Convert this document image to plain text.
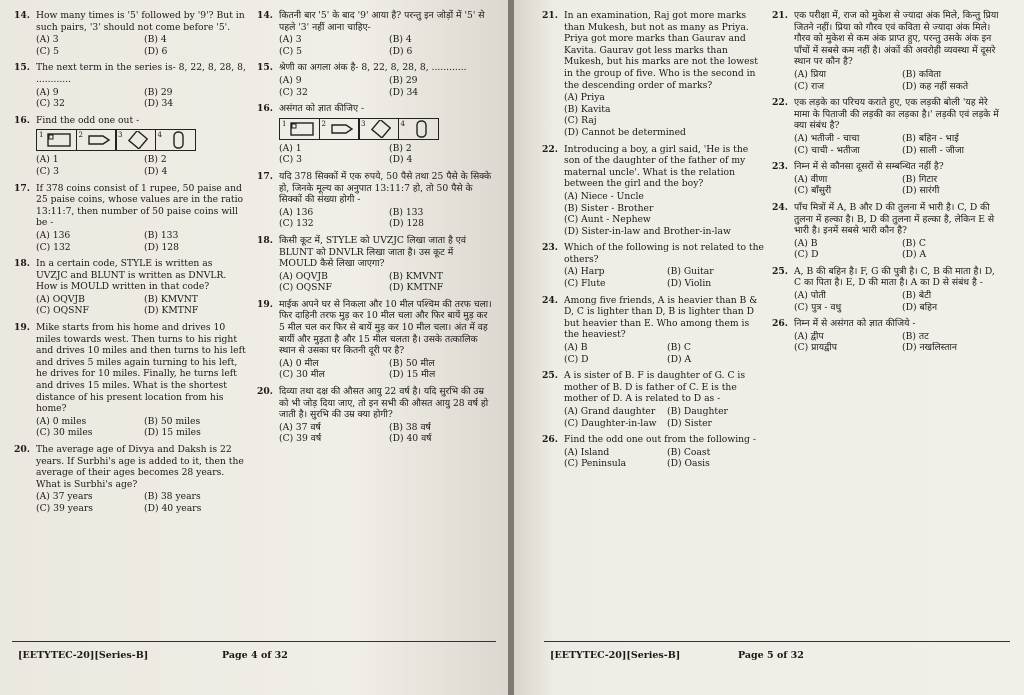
14. How many times is '5' followed by '9'? But in such pairs, '3' should not come before '5'.
(A) 3	(B) 4
(C) 5	(D) 6
15. The next term in the series is- 8, 22, 8, 28, 8, ............
(A) 9	(B) 29
(C) 32	(D) 34
16. Find the odd one out -
1	2	3	4
(A) 1	(B) 2
(C) 3	(D) 4
17. If 378 coins consist of 1 rupee, 50 paise and 25 paise coins, whose values are in the ratio 13:11:7, then number of 50 paise coins will be -
(A) 136	(B) 133
(C) 132	(D) 128
18. In a certain code, STYLE is written as UVZJC and BLUNT is written as DNVLR. How is MOULD written in that code?
(A) OQVJB	(B) KMVNT
(C) OQSNF	(D) KMTNF
19. Mike starts from his home and drives 10 miles towards west. Then turns to his right and drives 10 miles and then turns to his left and drives 5 miles again turning to his left, he drives for 10 miles. Finally, he turns left and drives 15 miles. What is the shortest distance of his present location from his home?
(A) 0 miles	(B) 50 miles
(C) 30 miles	(D) 15 miles
20. The average age of Divya and Daksh is 22 years. If Surbhi's age is added to it, then the average of their ages becomes 28 years. What is Surbhi's age?
(A) 37 years	(B) 38 years
(C) 39 years	(D) 40 years
14. कितनी बार '5' के बाद '9' आया है? परन्तु इन जोड़ों में '5' से पहले '3' नहीं आना चाहिए-
(A) 3	(B) 4
(C) 5	(D) 6
15. श्रेणी का अगला अंक है- 8, 22, 8, 28, 8, ............
(A) 9	(B) 29
(C) 32	(D) 34
16. असंगत को ज्ञात कीजिए -
1	2	3	4
(A) 1	(B) 2
(C) 3	(D) 4
17. यदि 378 सिक्कों में एक रुपये, 50 पैसे तथा 25 पैसे के सिक्के हो, जिनके मूल्य का अनुपात 13:11:7 हो, तो 50 पैसे के सिक्कों की संख्या होगी -
(A) 136	(B) 133
(C) 132	(D) 128
18. किसी कूट में, STYLE को UVZJC लिखा जाता है एवं BLUNT को DNVLR लिखा जाता है। उस कूट में MOULD कैसे लिखा जाएगा?
(A) OQVJB	(B) KMVNT
(C) OQSNF	(D) KMTNF
19. माईक अपने घर से निकला और 10 मील पश्चिम की तरफ चला। फिर दाहिनी तरफ मुड़ कर 10 मील चला और फिर बायें मुड़ कर 5 मील चल कर फिर से बायें मुड़ कर 10 मील चला। अंत में वह बायीं और मुड़ता है और 15 मील चलता है। उसके तत्कालिक स्थान से उसका घर कितनी दूरी पर है?
(A) 0 मील	(B) 50 मील
(C) 30 मील	(D) 15 मील
20. दिव्या तथा दक्ष की औसत आयु 22 वर्ष है। यदि सुरभि की उम्र को भी जोड़ दिया जाए, तो इन सभी की औसत आयु 28 वर्ष हो जाती है। सुरभि की उम्र क्या होगी?
(A) 37 वर्ष	(B) 38 वर्ष
(C) 39 वर्ष	(D) 40 वर्ष
[EETYTEC-20][Series-B]	Page 4 of 32
21. In an examination, Raj got more marks than Mukesh, but not as many as Priya. Priya got more marks than Gaurav and Kavita. Gaurav got less marks than Mukesh, but his marks are not the lowest in the group of five. Who is the second in the descending order of marks?
(A) Priya
(B) Kavita
(C) Raj
(D) Cannot be determined
22. Introducing a boy, a girl said, 'He is the son of the daughter of the father of my maternal uncle'. What is the relation between the girl and the boy?
(A) Niece - Uncle
(B) Sister - Brother
(C) Aunt - Nephew
(D) Sister-in-law and Brother-in-law
23. Which of the following is not related to the others?
(A) Harp	(B) Guitar
(C) Flute	(D) Violin
24. Among five friends, A is heavier than B & D, C is lighter than D, B is lighter than D but heavier than E. Who among them is the heaviest?
(A) B	(B) C
(C) D	(D) A
25. A is sister of B. F is daughter of G. C is mother of B. D is father of C. E is the mother of D. A is related to D as -
(A) Grand daughter	(B) Daughter
(C) Daughter-in-law	(D) Sister
26. Find the odd one out from the following -
(A) Island	(B) Coast
(C) Peninsula	(D) Oasis
21. एक परीक्षा में, राज को मुकेश से ज्यादा अंक मिले, किन्तु प्रिया जितने नहीं। प्रिया को गौरव एवं कविता से ज्यादा अंक मिले। गौरव को मुकेश से कम अंक प्राप्त हुए, परन्तु उसके अंक इन पाँचों में सबसे कम नहीं है। अंकों की अवरोही व्यवस्था में दूसरे स्थान पर कौन है?
(A) प्रिया	(B) कविता
(C) राज	(D) कह नहीं सकते
22. एक लड़के का परिचय कराते हुए, एक लड़की बोली 'यह मेरे मामा के पिताजी की लड़की का लड़का है।' लड़की एवं लड़के में क्या संबंध है?
(A) भतीजी - चाचा	(B) बहिन - भाई
(C) चाची - भतीजा	(D) साली - जीजा
23. निम्न में से कौनसा दूसरों से सम्बन्धित नहीं है?
(A) वीणा	(B) गिटार
(C) बाँसुरी	(D) सारंगी
24. पाँच मित्रों में A, B और D की तुलना में भारी है। C, D की तुलना में हल्का है। B, D की तुलना में हल्का है, लेकिन E से भारी है। इनमें सबसे भारी कौन है?
(A) B	(B) C
(C) D	(D) A
25. A, B की बहिन है। F, G की पुत्री है। C, B की माता है। D, C का पिता है। E, D की माता है। A का D से संबंध है -
(A) पोती	(B) बेटी
(C) पुत्र - वधु	(D) बहिन
26. निम्न में से असंगत को ज्ञात कीजिये -
(A) द्वीप	(B) तट
(C) प्रायद्वीप	(D) नखलिस्तान
[EETYTEC-20][Series-B]	Page 5 of 32
